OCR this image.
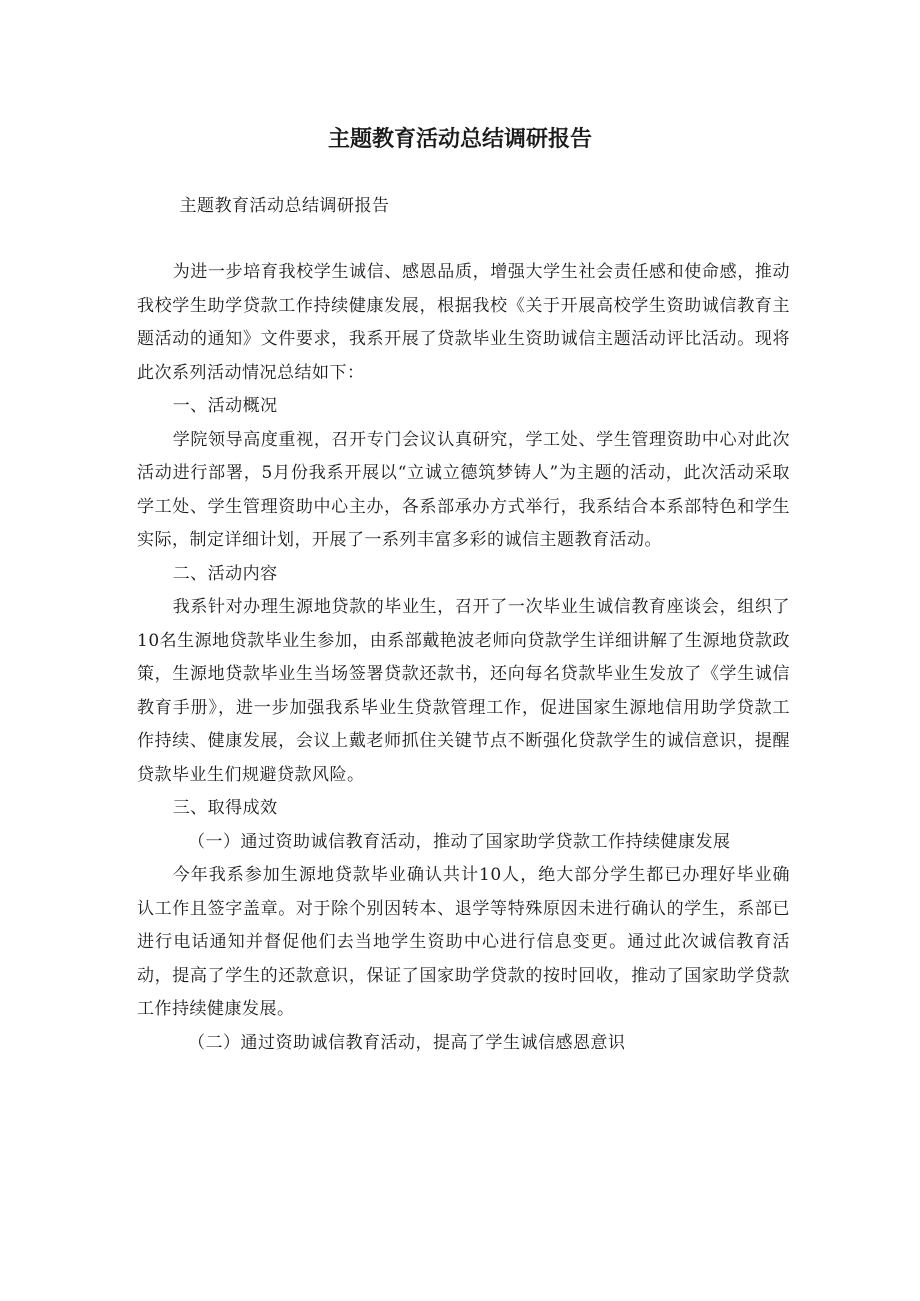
主题教育活动总结调研报告

主题教育活动总结调研报告

为进一步培育我校学生诚信、感恩品质，增强大学生社会责任感和使命感，推动我校学生助学贷款工作持续健康发展，根据我校《关于开展高校学生资助诚信教育主题活动的通知》文件要求，我系开展了贷款毕业生资助诚信主题活动评比活动。现将此次系列活动情况总结如下：

一、活动概况

学院领导高度重视，召开专门会议认真研究，学工处、学生管理资助中心对此次活动进行部署，5月份我系开展以“立诚立德筑梦铸人”为主题的活动，此次活动采取学工处、学生管理资助中心主办，各系部承办方式举行，我系结合本系部特色和学生实际，制定详细计划，开展了一系列丰富多彩的诚信主题教育活动。

二、活动内容

我系针对办理生源地贷款的毕业生，召开了一次毕业生诚信教育座谈会，组织了10名生源地贷款毕业生参加，由系部戴艳波老师向贷款学生详细讲解了生源地贷款政策，生源地贷款毕业生当场签署贷款还款书，还向每名贷款毕业生发放了《学生诚信教育手册》，进一步加强我系毕业生贷款管理工作，促进国家生源地信用助学贷款工作持续、健康发展，会议上戴老师抓住关键节点不断强化贷款学生的诚信意识，提醒贷款毕业生们规避贷款风险。

三、取得成效

（一）通过资助诚信教育活动，推动了国家助学贷款工作持续健康发展

今年我系参加生源地贷款毕业确认共计10人，绝大部分学生都已办理好毕业确认工作且签字盖章。对于除个别因转本、退学等特殊原因未进行确认的学生，系部已进行电话通知并督促他们去当地学生资助中心进行信息变更。通过此次诚信教育活动，提高了学生的还款意识，保证了国家助学贷款的按时回收，推动了国家助学贷款工作持续健康发展。

（二）通过资助诚信教育活动，提高了学生诚信感恩意识
